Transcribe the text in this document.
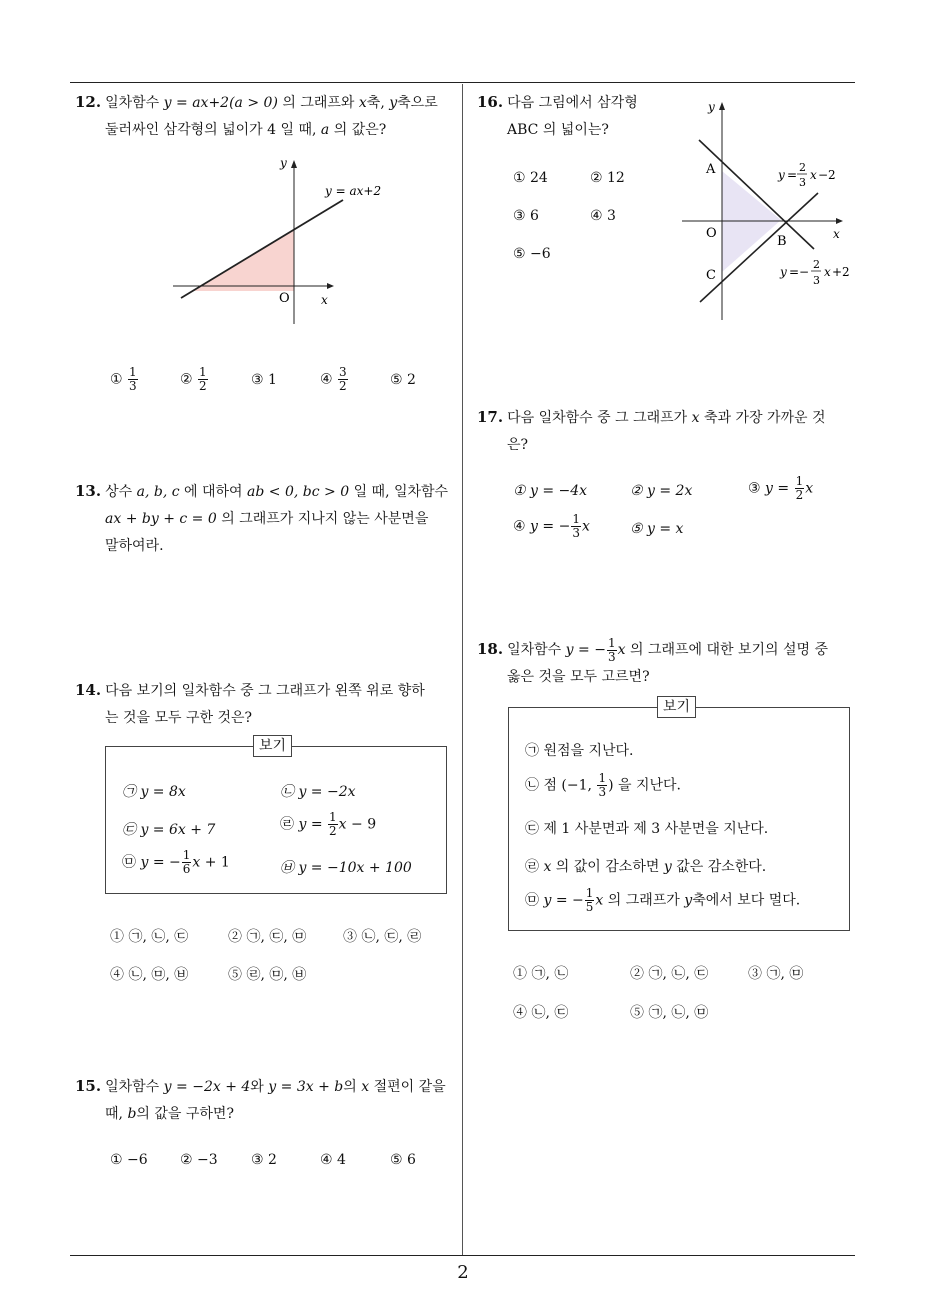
12. 일차함수 y = ax+2(a > 0) 의 그래프와 x축, y축으로
둘러싸인 삼각형의 넓이가 4 일 때, a 의 값은?
O	x
y
y = ax+2
① $\frac{1}{3}$	② $\frac{1}{2}$	③ 1	④ $\frac{3}{2}$	⑤ 2
13. 상수 a, b, c 에 대하여 ab < 0, bc > 0 일 때, 일차함수
ax + by + c = 0 의 그래프가 지나지 않는 사분면을
말하여라.
14. 다음 보기의 일차함수 중 그 그래프가 왼쪽 위로 향하
는 것을 모두 구한 것은?
보기
㉠ y = 8x	㉡ y = −2x
㉢ y = 6x + 7	㉣ $y = \frac{1}{2}$ x − 9
㉤ y = − $\frac{1}{6}$ x + 1	㉥ y = −10x + 100
① ㉠, ㉡, ㉢	② ㉠, ㉢, ㉤	③ ㉡, ㉢, ㉣
④ ㉡, ㉤, ㉥	⑤ ㉣, ㉤, ㉥
15. 일차함수 y = −2x + 4와 y = 3x + b의 x 절편이 같을
때, b의 값을 구하면?
① −6 ② −3 ③ 2	④ 4	⑤ 6
16. 다음 그림에서 삼각형
ABC 의 넓이는?
① 24	② 12
③ 6	④ 3
⑤ −6
A
O
B
C
x
y
y =
2
3
x −2
y =−
2
3
x +2
17. 다음 일차함수 중 그 그래프가 x 축과 가장 가까운 것
은?
① y = −4x	② y = 2x	③ $y = \frac{1}{2}$ x
④ y = − $\frac{1}{3}$ x	⑤ y = x
18. 일차함수 y = − $\frac{1}{3}$ x 의 그래프에 대한 보기의 설명 중
옳은 것을 모두 고르면?
보기
㉠ 원점을 지난다.
㉡ 점 (−1, $\frac{1}{3}$ ) 을 지난다.
㉢ 제 1 사분면과 제 3 사분면을 지난다.
㉣ x 의 값이 감소하면 y 값은 감소한다.
㉤ y = − $\frac{1}{5}$ x 의 그래프가 y축에서 보다 멀다.
① ㉠, ㉡	② ㉠, ㉡, ㉢	③ ㉠, ㉤
④ ㉡, ㉢	⑤ ㉠, ㉡, ㉤
2
